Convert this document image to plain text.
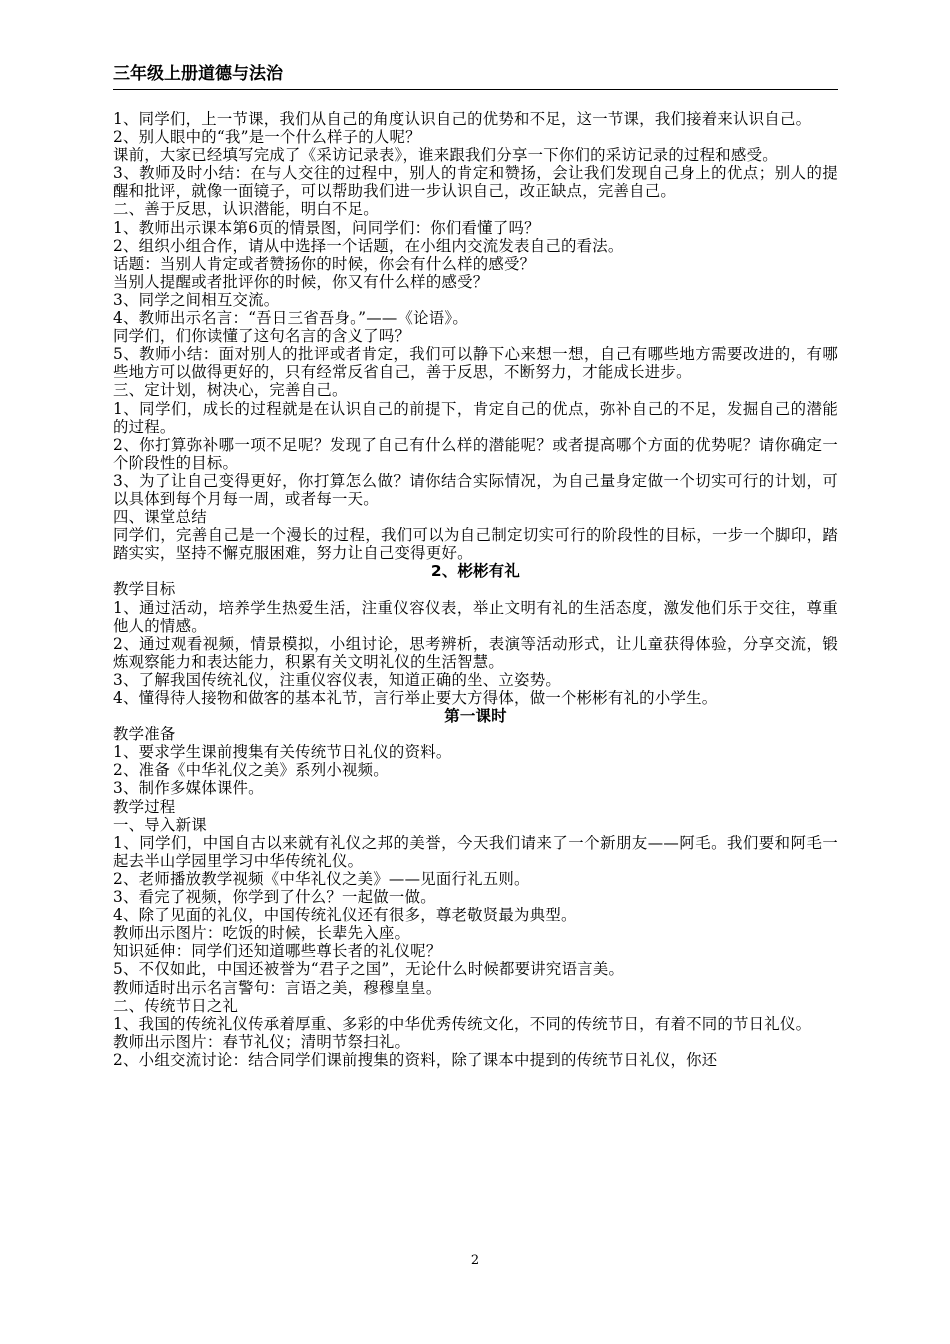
三年级上册道德与法治

1、同学们，上一节课，我们从自己的角度认识自己的优势和不足，这一节课，我们接着来认识自己。

2、别人眼中的“我”是一个什么样子的人呢？

课前，大家已经填写完成了《采访记录表》，谁来跟我们分享一下你们的采访记录的过程和感受。

3、教师及时小结：在与人交往的过程中，别人的肯定和赞扬，会让我们发现自己身上的优点；别人的提醒和批评，就像一面镜子，可以帮助我们进一步认识自己，改正缺点，完善自己。

二、善于反思，认识潜能，明白不足。

1、教师出示课本第6页的情景图，问同学们：你们看懂了吗？

2、组织小组合作，请从中选择一个话题，在小组内交流发表自己的看法。

话题：当别人肯定或者赞扬你的时候，你会有什么样的感受？

当别人提醒或者批评你的时候，你又有什么样的感受？

3、同学之间相互交流。

4、教师出示名言：“吾日三省吾身。”——《论语》。

同学们，们你读懂了这句名言的含义了吗？

5、教师小结：面对别人的批评或者肯定，我们可以静下心来想一想，自己有哪些地方需要改进的，有哪些地方可以做得更好的，只有经常反省自己，善于反思，不断努力，才能成长进步。

三、定计划，树决心，完善自己。

1、同学们，成长的过程就是在认识自己的前提下，肯定自己的优点，弥补自己的不足，发掘自己的潜能的过程。

2、你打算弥补哪一项不足呢？发现了自己有什么样的潜能呢？或者提高哪个方面的优势呢？请你确定一个阶段性的目标。

3、为了让自己变得更好，你打算怎么做？请你结合实际情况，为自己量身定做一个切实可行的计划，可以具体到每个月每一周，或者每一天。

四、课堂总结

同学们，完善自己是一个漫长的过程，我们可以为自己制定切实可行的阶段性的目标，一步一个脚印，踏踏实实，坚持不懈克服困难，努力让自己变得更好。

2、彬彬有礼

教学目标

1、通过活动，培养学生热爱生活，注重仪容仪表，举止文明有礼的生活态度，激发他们乐于交往，尊重他人的情感。

2、通过观看视频，情景模拟，小组讨论，思考辨析，表演等活动形式，让儿童获得体验，分享交流，锻炼观察能力和表达能力，积累有关文明礼仪的生活智慧。

3、了解我国传统礼仪，注重仪容仪表，知道正确的坐、立姿势。

4、懂得待人接物和做客的基本礼节，言行举止要大方得体，做一个彬彬有礼的小学生。

第一课时

教学准备

1、要求学生课前搜集有关传统节日礼仪的资料。

2、准备《中华礼仪之美》系列小视频。

3、制作多媒体课件。

教学过程

一、导入新课

1、同学们，中国自古以来就有礼仪之邦的美誉，今天我们请来了一个新朋友——阿毛。我们要和阿毛一起去半山学园里学习中华传统礼仪。

2、老师播放教学视频《中华礼仪之美》——见面行礼五则。

3、看完了视频，你学到了什么？一起做一做。

4、除了见面的礼仪，中国传统礼仪还有很多，尊老敬贤最为典型。

教师出示图片：吃饭的时候，长辈先入座。

知识延伸：同学们还知道哪些尊长者的礼仪呢？

5、不仅如此，中国还被誉为“君子之国”，无论什么时候都要讲究语言美。

教师适时出示名言警句：言语之美，穆穆皇皇。

二、传统节日之礼

1、我国的传统礼仪传承着厚重、多彩的中华优秀传统文化，不同的传统节日，有着不同的节日礼仪。

教师出示图片：春节礼仪；清明节祭扫礼。

2、小组交流讨论：结合同学们课前搜集的资料，除了课本中提到的传统节日礼仪，你还

2
